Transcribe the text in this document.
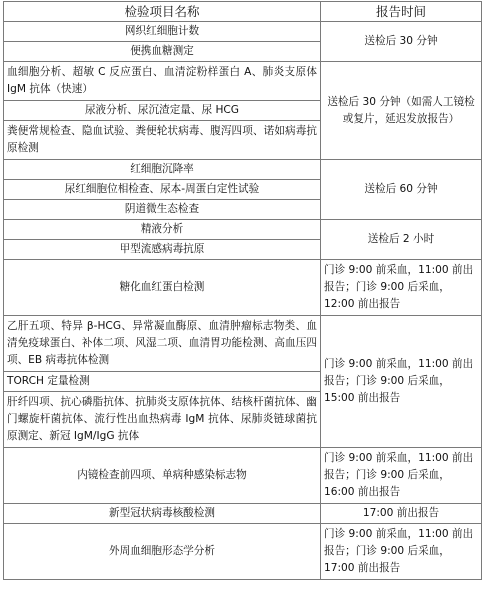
检验项目名称	报告时间
网织红细胞计数	送检后 30 分钟
便携血糖测定	
血细胞分析、超敏 C 反应蛋白、血清淀粉样蛋白 A、肺炎支原体 IgM 抗体（快速）	送检后 30 分钟（如需人工镜检或复片，延迟发放报告）
尿液分析、尿沉渣定量、尿 HCG	
粪便常规检查、隐血试验、粪便轮状病毒、腹泻四项、诺如病毒抗原检测	
红细胞沉降率	送检后 60 分钟
尿红细胞位相检查、尿本-周蛋白定性试验	
阴道微生态检查	
精液分析	送检后 2 小时
甲型流感病毒抗原	
糖化血红蛋白检测	门诊 9:00 前采血，11:00 前出报告；门诊 9:00 后采血，12:00 前出报告
乙肝五项、特异 β-HCG、异常凝血酶原、血清肿瘤标志物类、血清免疫球蛋白、补体二项、风湿二项、血清胃功能检测、高血压四项、EB 病毒抗体检测	门诊 9:00 前采血，11:00 前出报告；门诊 9:00 后采血，15:00 前出报告
TORCH 定量检测	
肝纤四项、抗心磷脂抗体、抗肺炎支原体抗体、结核杆菌抗体、幽门螺旋杆菌抗体、流行性出血热病毒 IgM 抗体、尿肺炎链球菌抗原测定、新冠 IgM/IgG 抗体	
内镜检查前四项、单病种感染标志物	门诊 9:00 前采血，11:00 前出报告；门诊 9:00 后采血，16:00 前出报告
新型冠状病毒核酸检测	17:00 前出报告
外周血细胞形态学分析	门诊 9:00 前采血，11:00 前出报告；门诊 9:00 后采血，17:00 前出报告
